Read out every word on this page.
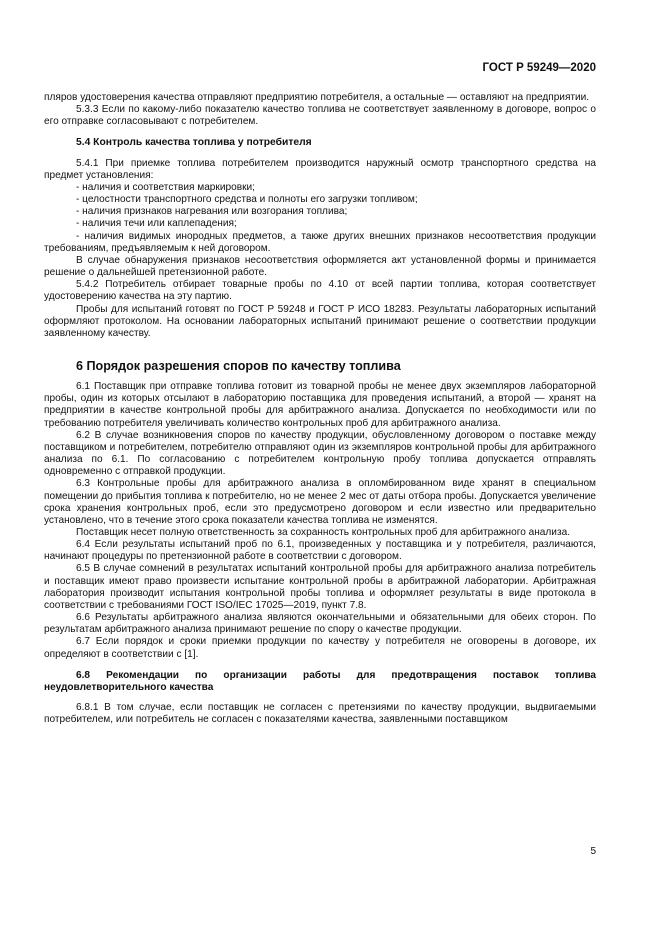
ГОСТ Р 59249—2020

пляров удостоверения качества отправляют предприятию потребителя, а остальные — оставляют на предприятии.

5.3.3 Если по какому-либо показателю качество топлива не соответствует заявленному в договоре, вопрос о его отправке согласовывают с потребителем.

5.4 Контроль качества топлива у потребителя

5.4.1 При приемке топлива потребителем производится наружный осмотр транспортного средства на предмет установления:

- наличия и соответствия маркировки;
- целостности транспортного средства и полноты его загрузки топливом;
- наличия признаков нагревания или возгорания топлива;
- наличия течи или каплепадения;
- наличия видимых инородных предметов, а также других внешних признаков несоответствия продукции требованиям, предъявляемым к ней договором.

В случае обнаружения признаков несоответствия оформляется акт установленной формы и принимается решение о дальнейшей претензионной работе.

5.4.2 Потребитель отбирает товарные пробы по 4.10 от всей партии топлива, которая соответствует удостоверению качества на эту партию.

Пробы для испытаний готовят по ГОСТ Р 59248 и ГОСТ Р ИСО 18283. Результаты лабораторных испытаний оформляют протоколом. На основании лабораторных испытаний принимают решение о соответствии продукции заявленному качеству.

6 Порядок разрешения споров по качеству топлива

6.1 Поставщик при отправке топлива готовит из товарной пробы не менее двух экземпляров лабораторной пробы, один из которых отсылают в лабораторию поставщика для проведения испытаний, а второй — хранят на предприятии в качестве контрольной пробы для арбитражного анализа. Допускается по необходимости или по требованию потребителя увеличивать количество контрольных проб для арбитражного анализа.

6.2 В случае возникновения споров по качеству продукции, обусловленному договором о поставке между поставщиком и потребителем, потребителю отправляют один из экземпляров контрольной пробы для арбитражного анализа по 6.1. По согласованию с потребителем контрольную пробу топлива допускается отправлять одновременно с отправкой продукции.

6.3 Контрольные пробы для арбитражного анализа в опломбированном виде хранят в специальном помещении до прибытия топлива к потребителю, но не менее 2 мес от даты отбора пробы. Допускается увеличение срока хранения контрольных проб, если это предусмотрено договором и если известно или предварительно установлено, что в течение этого срока показатели качества топлива не изменятся.

Поставщик несет полную ответственность за сохранность контрольных проб для арбитражного анализа.

6.4 Если результаты испытаний проб по 6.1, произведенных у поставщика и у потребителя, различаются, начинают процедуры по претензионной работе в соответствии с договором.

6.5 В случае сомнений в результатах испытаний контрольной пробы для арбитражного анализа потребитель и поставщик имеют право произвести испытание контрольной пробы в арбитражной лаборатории. Арбитражная лаборатория производит испытания контрольной пробы топлива и оформляет результаты в виде протокола в соответствии с требованиями ГОСТ ISO/IEC 17025—2019, пункт 7.8.

6.6 Результаты арбитражного анализа являются окончательными и обязательными для обеих сторон. По результатам арбитражного анализа принимают решение по спору о качестве продукции.

6.7 Если порядок и сроки приемки продукции по качеству у потребителя не оговорены в договоре, их определяют в соответствии с [1].

6.8 Рекомендации по организации работы для предотвращения поставок топлива неудовлетворительного качества

6.8.1 В том случае, если поставщик не согласен с претензиями по качеству продукции, выдвигаемыми потребителем, или потребитель не согласен с показателями качества, заявленными поставщиком

5
